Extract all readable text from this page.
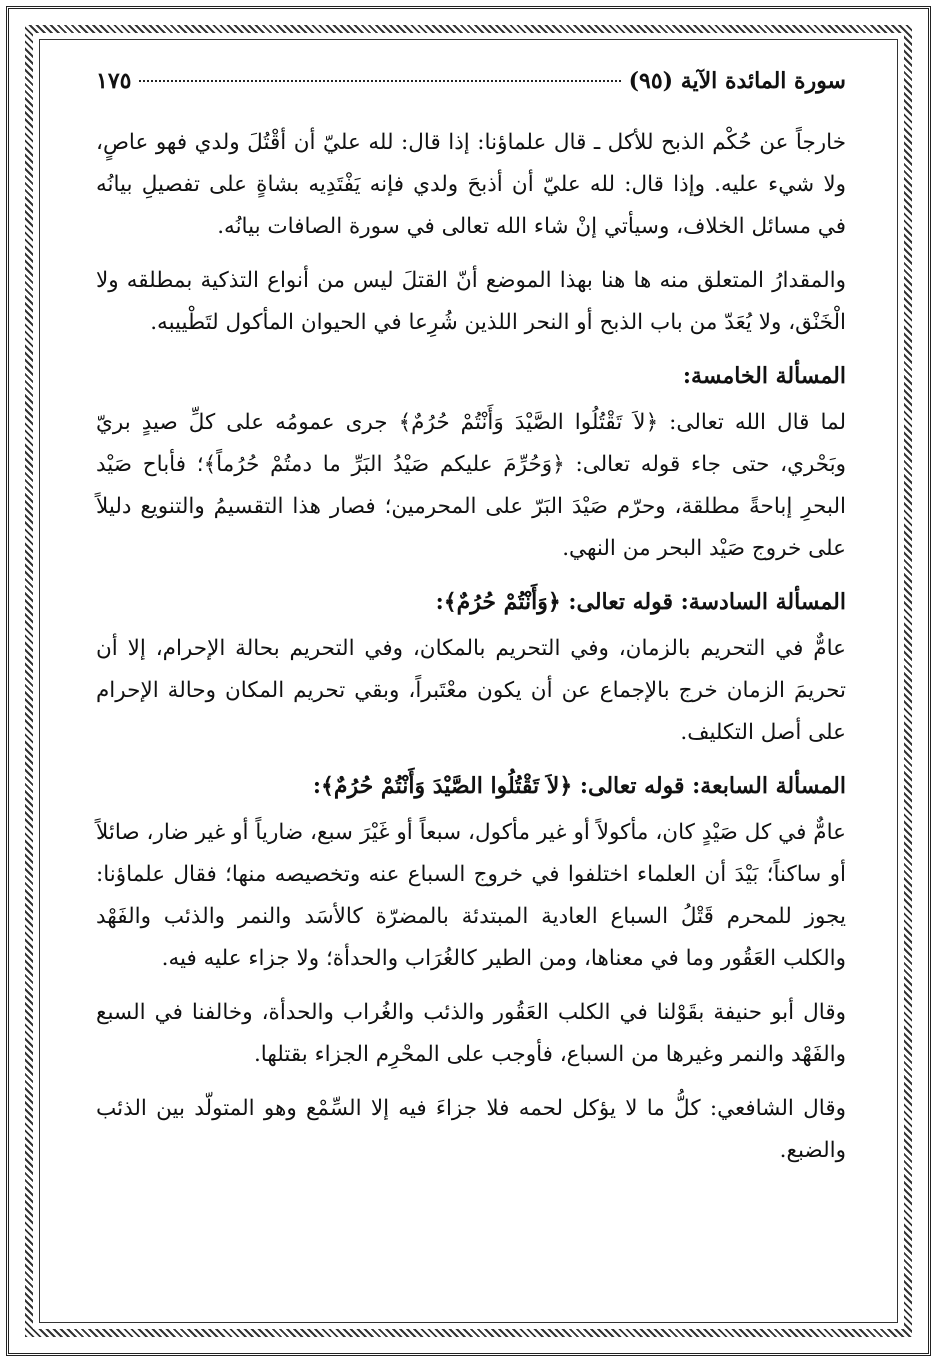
سورة المائدة الآية (٩٥)
١٧٥

خارجاً عن حُكْم الذبح للأكل ـ قال علماؤنا: إذا قال: لله عليّ أن أقْتُلَ ولدي فهو عاصٍ، ولا شيء عليه. وإذا قال: لله عليّ أن أذبحَ ولدي فإنه يَفْتَدِيه بشاةٍ على تفصيلِ بيانُه في مسائل الخلاف، وسيأتي إنْ شاء الله تعالى في سورة الصافات بيانُه.

والمقدارُ المتعلق منه ها هنا بهذا الموضع أنّ القتلَ ليس من أنواع التذكية بمطلقه ولا الْخَنْق، ولا يُعَدّ من باب الذبح أو النحر اللذين شُرِعا في الحيوان المأكول لتَطْييبه.

المسألة الخامسة:

لما قال الله تعالى: ﴿لاَ تَقْتُلُوا الصَّيْدَ وَأَنْتُمْ حُرُمٌ﴾ جرى عمومُه على كلِّ صيدٍ بريّ وبَحْري، حتى جاء قوله تعالى: ﴿وَحُرِّمَ عليكم صَيْدُ البَرِّ ما دمتُمْ حُرُماً﴾؛ فأباح صَيْد البحرِ إباحةً مطلقة، وحرّم صَيْدَ البَرّ على المحرمين؛ فصار هذا التقسيمُ والتنويع دليلاً على خروج صَيْد البحر من النهي.

المسألة السادسة: قوله تعالى: ﴿وَأَنْتُمْ حُرُمٌ﴾:

عامٌّ في التحريم بالزمان، وفي التحريم بالمكان، وفي التحريم بحالة الإحرام، إلا أن تحريمَ الزمان خرج بالإجماع عن أن يكون معْتَبراً، وبقي تحريم المكان وحالة الإحرام على أصل التكليف.

المسألة السابعة: قوله تعالى: ﴿لاَ تَقْتُلُوا الصَّيْدَ وَأَنْتُمْ حُرُمٌ﴾:

عامٌّ في كل صَيْدٍ كان، مأكولاً أو غير مأكول، سبعاً أو غَيْرَ سبع، ضارياً أو غير ضار، صائلاً أو ساكناً؛ بَيْدَ أن العلماء اختلفوا في خروج السباع عنه وتخصيصه منها؛ فقال علماؤنا: يجوز للمحرم قَتْلُ السباع العادية المبتدئة بالمضرّة كالأسَد والنمر والذئب والفَهْد والكلب العَقُور وما في معناها، ومن الطير كالغُرَاب والحدأة؛ ولا جزاء عليه فيه.

وقال أبو حنيفة بقَوْلنا في الكلب العَقُور والذئب والغُراب والحدأة، وخالفنا في السبع والفَهْد والنمر وغيرها من السباع، فأوجب على المحْرِم الجزاء بقتلها.

وقال الشافعي: كلُّ ما لا يؤكل لحمه فلا جزاءَ فيه إلا السِّمْع وهو المتولّد بين الذئب والضبع.
